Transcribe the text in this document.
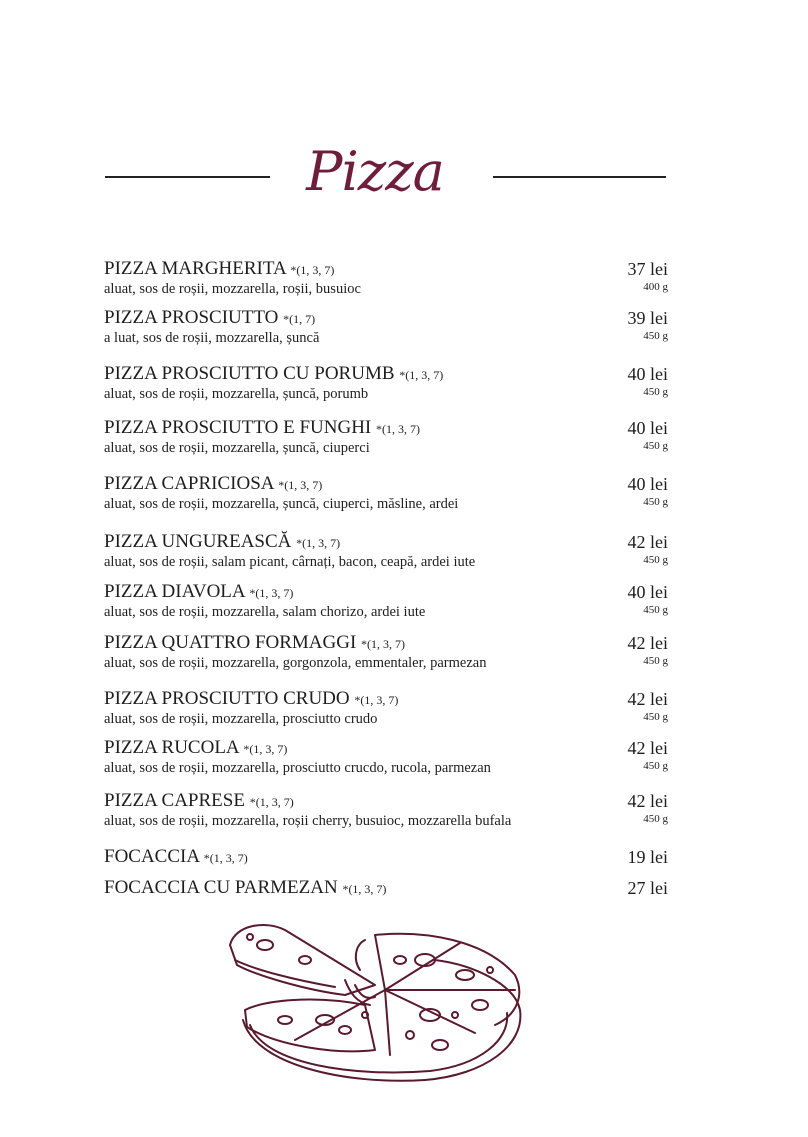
Pizza
PIZZA MARGHERITA *(1, 3, 7)
aluat, sos de roșii, mozzarella, roșii, busuioc
37 lei
400 g
PIZZA PROSCIUTTO *(1, 7)
a luat, sos de roșii, mozzarella, șuncă
39 lei
450 g
PIZZA PROSCIUTTO CU PORUMB *(1, 3, 7)
aluat, sos de roșii, mozzarella, șuncă, porumb
40 lei
450 g
PIZZA PROSCIUTTO E FUNGHI *(1, 3, 7)
aluat, sos de roșii, mozzarella, șuncă, ciuperci
40 lei
450 g
PIZZA CAPRICIOSA *(1, 3, 7)
aluat, sos de roșii, mozzarella, șuncă, ciuperci, măsline, ardei
40 lei
450 g
PIZZA UNGUREASCĂ *(1, 3, 7)
aluat, sos de roșii, salam picant, cârnați, bacon, ceapă, ardei iute
42 lei
450 g
PIZZA DIAVOLA *(1, 3, 7)
aluat, sos de roșii, mozzarella, salam chorizo, ardei iute
40 lei
450 g
PIZZA QUATTRO FORMAGGI *(1, 3, 7)
aluat, sos de roșii, mozzarella, gorgonzola, emmentaler, parmezan
42 lei
450 g
PIZZA PROSCIUTTO CRUDO *(1, 3, 7)
aluat, sos de roșii, mozzarella, prosciutto crudo
42 lei
450 g
PIZZA RUCOLA *(1, 3, 7)
aluat, sos de roșii, mozzarella, prosciutto crucdo, rucola, parmezan
42 lei
450 g
PIZZA CAPRESE *(1, 3, 7)
aluat, sos de roșii, mozzarella, roșii cherry, busuioc, mozzarella bufala
42 lei
450 g
FOCACCIA *(1, 3, 7)	19 lei
FOCACCIA CU PARMEZAN *(1, 3, 7)	27 lei
